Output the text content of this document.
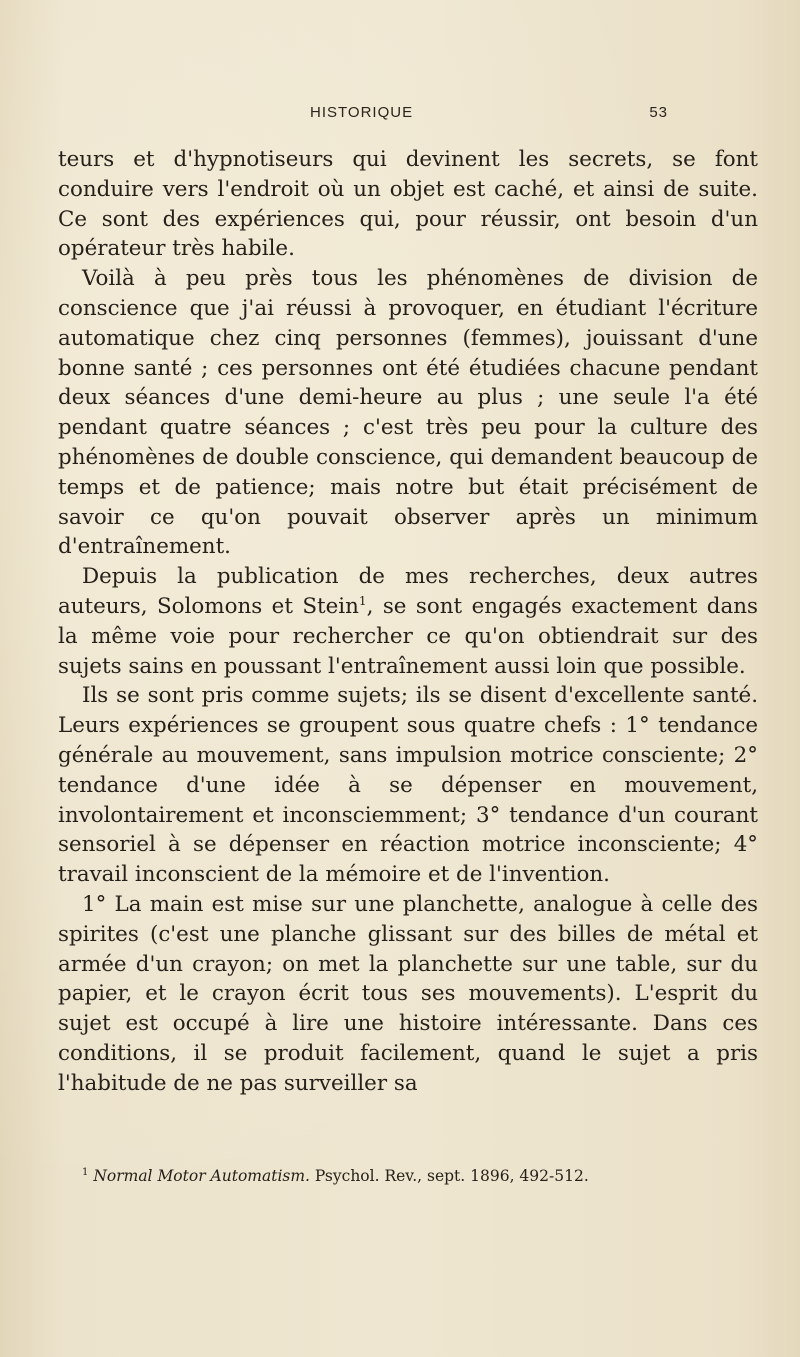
HISTORIQUE	53

teurs et d'hypnotiseurs qui devinent les secrets, se font conduire vers l'endroit où un objet est caché, et ainsi de suite. Ce sont des expériences qui, pour réussir, ont besoin d'un opérateur très habile.

Voilà à peu près tous les phénomènes de division de conscience que j'ai réussi à provoquer, en étudiant l'écriture automatique chez cinq personnes (femmes), jouissant d'une bonne santé ; ces personnes ont été étudiées chacune pendant deux séances d'une demi-heure au plus ; une seule l'a été pendant quatre séances ; c'est très peu pour la culture des phénomènes de double conscience, qui demandent beaucoup de temps et de patience; mais notre but était précisément de savoir ce qu'on pouvait observer après un minimum d'entraînement.

Depuis la publication de mes recherches, deux autres auteurs, Solomons et Stein$^1$, se sont engagés exactement dans la même voie pour rechercher ce qu'on obtiendrait sur des sujets sains en poussant l'entraînement aussi loin que possible.

Ils se sont pris comme sujets; ils se disent d'excellente santé. Leurs expériences se groupent sous quatre chefs : 1° tendance générale au mouvement, sans impulsion motrice consciente; 2° tendance d'une idée à se dépenser en mouvement, involontairement et inconsciemment; 3° tendance d'un courant sensoriel à se dépenser en réaction motrice inconsciente; 4° travail inconscient de la mémoire et de l'invention.

1° La main est mise sur une planchette, analogue à celle des spirites (c'est une planche glissant sur des billes de métal et armée d'un crayon; on met la planchette sur une table, sur du papier, et le crayon écrit tous ses mouvements). L'esprit du sujet est occupé à lire une histoire intéressante. Dans ces conditions, il se produit facilement, quand le sujet a pris l'habitude de ne pas surveiller sa

$^1$ Normal Motor Automatism. Psychol. Rev., sept. 1896, 492-512.
